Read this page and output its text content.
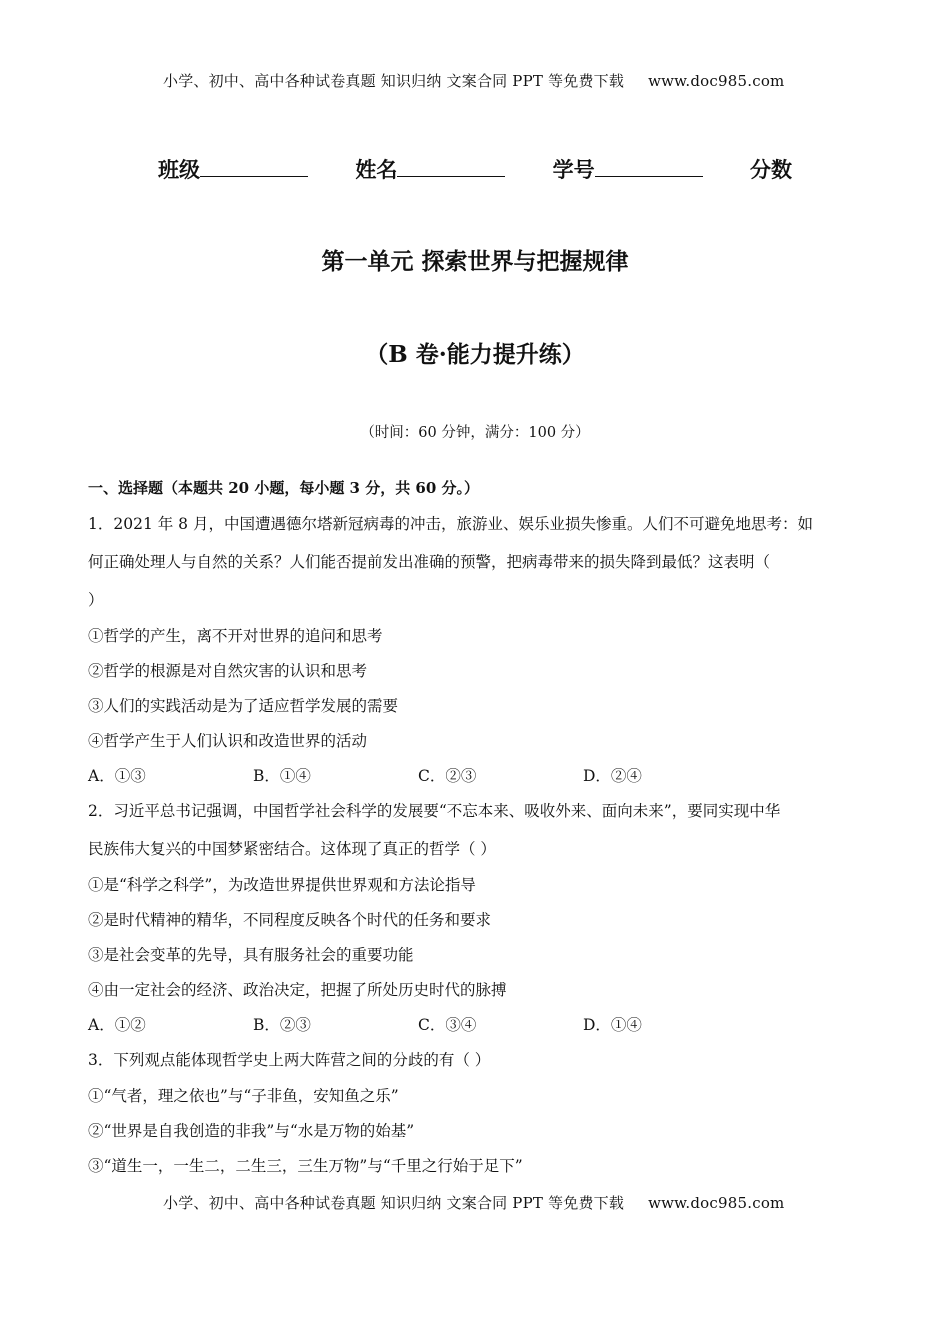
小学、初中、高中各种试卷真题 知识归纳 文案合同 PPT 等免费下载 www.doc985.com
班级	姓名	学号	分数
第一单元 探索世界与把握规律
（B 卷·能力提升练）
（时间：60 分钟，满分：100 分）
一、选择题（本题共 20 小题，每小题 3 分，共 60 分。）
1．2021 年 8 月，中国遭遇德尔塔新冠病毒的冲击，旅游业、娱乐业损失惨重。人们不可避免地思考：如
何正确处理人与自然的关系？人们能否提前发出准确的预警，把病毒带来的损失降到最低？这表明（
）
①哲学的产生，离不开对世界的追问和思考
②哲学的根源是对自然灾害的认识和思考
③人们的实践活动是为了适应哲学发展的需要
④哲学产生于人们认识和改造世界的活动
A．①③	B．①④	C．②③	D．②④
2．习近平总书记强调，中国哲学社会科学的发展要“不忘本来、吸收外来、面向未来”，要同实现中华
民族伟大复兴的中国梦紧密结合。这体现了真正的哲学（ ）
①是“科学之科学”，为改造世界提供世界观和方法论指导
②是时代精神的精华，不同程度反映各个时代的任务和要求
③是社会变革的先导，具有服务社会的重要功能
④由一定社会的经济、政治决定，把握了所处历史时代的脉搏
A．①②	B．②③	C．③④	D．①④
3．下列观点能体现哲学史上两大阵营之间的分歧的有（ ）
①“气者，理之依也”与“子非鱼，安知鱼之乐”
②“世界是自我创造的非我”与“水是万物的始基”
③“道生一，一生二，二生三，三生万物”与“千里之行始于足下”
小学、初中、高中各种试卷真题 知识归纳 文案合同 PPT 等免费下载 www.doc985.com
